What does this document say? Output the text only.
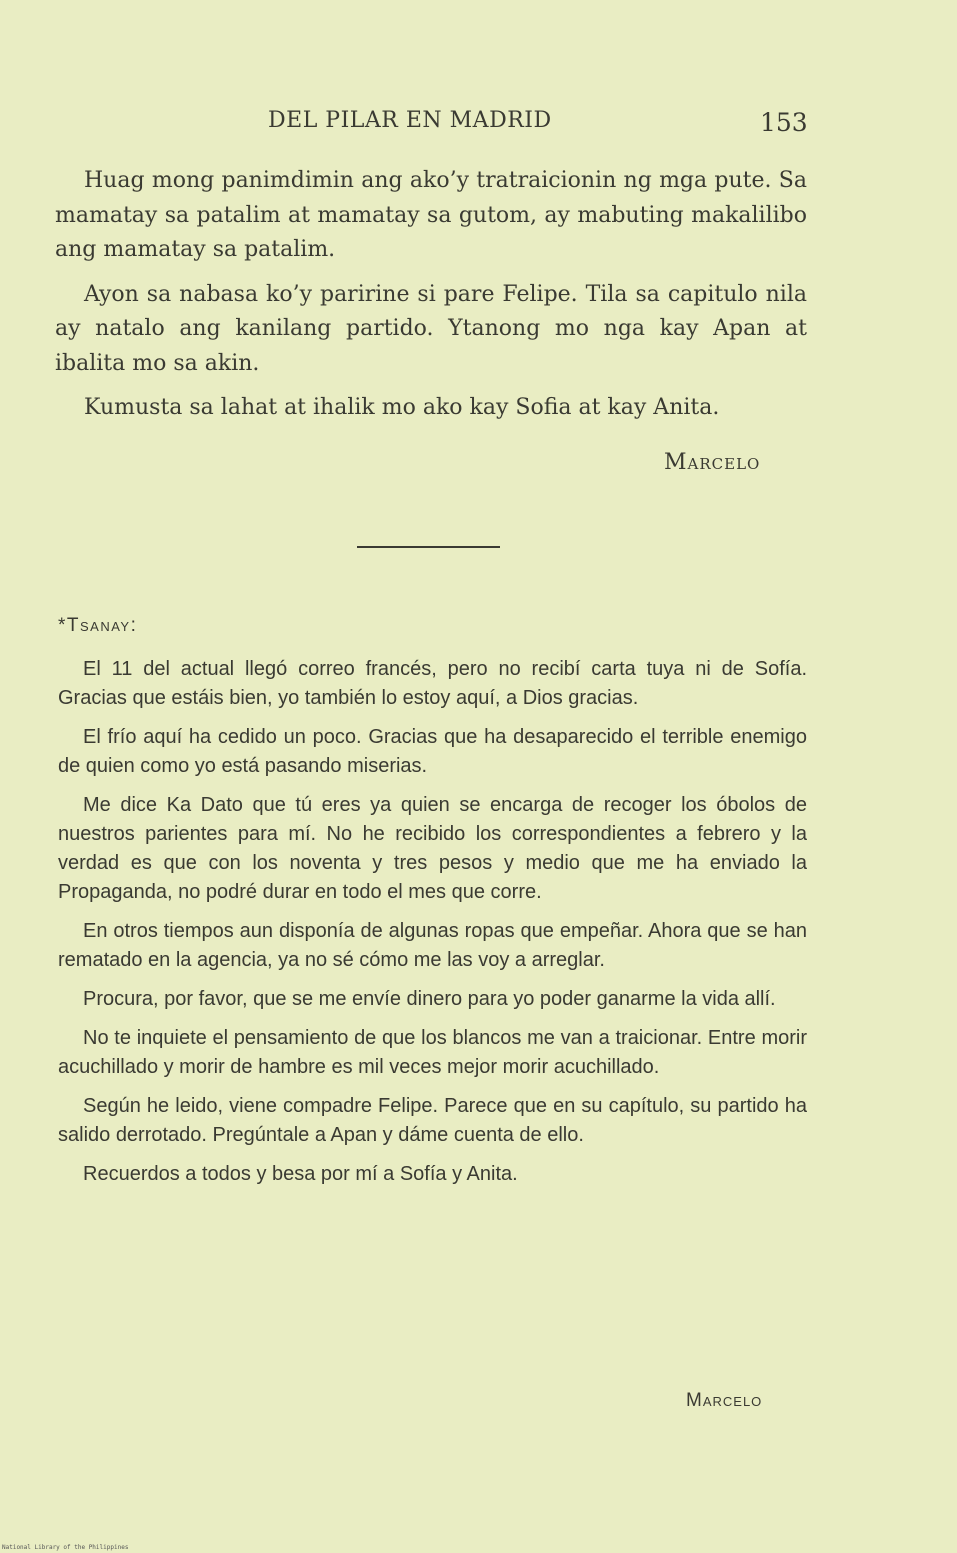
DEL PILAR EN MADRID	153

Huag mong panimdimin ang ako’y tratraicionin ng mga pute. Sa mamatay sa patalim at mamatay sa gutom, ay mabuting makalilibo ang mamatay sa patalim.

Ayon sa nabasa ko’y paririne si pare Felipe. Tila sa capitulo nila ay natalo ang kanilang partido. Ytanong mo nga kay Apan at ibalita mo sa akin.

Kumusta sa lahat at ihalik mo ako kay Sofia at kay Anita.

Marcelo
*Tsanay:

El 11 del actual llegó correo francés, pero no recibí carta tuya ni de Sofía. Gracias que estáis bien, yo también lo estoy aquí, a Dios gracias.

El frío aquí ha cedido un poco. Gracias que ha desaparecido el terrible enemigo de quien como yo está pasando miserias.

Me dice Ka Dato que tú eres ya quien se encarga de recoger los óbolos de nuestros parientes para mí. No he recibido los correspondientes a febrero y la verdad es que con los noventa y tres pesos y medio que me ha enviado la Propaganda, no podré durar en todo el mes que corre.

En otros tiempos aun disponía de algunas ropas que empeñar. Ahora que se han rematado en la agencia, ya no sé cómo me las voy a arreglar.

Procura, por favor, que se me envíe dinero para yo poder ganarme la vida allí.

No te inquiete el pensamiento de que los blancos me van a traicionar. Entre morir acuchillado y morir de hambre es mil veces mejor morir acuchillado.

Según he leido, viene compadre Felipe. Parece que en su capítulo, su partido ha salido derrotado. Pregúntale a Apan y dáme cuenta de ello.

Recuerdos a todos y besa por mí a Sofía y Anita.

Marcelo
National Library of the Philippines
